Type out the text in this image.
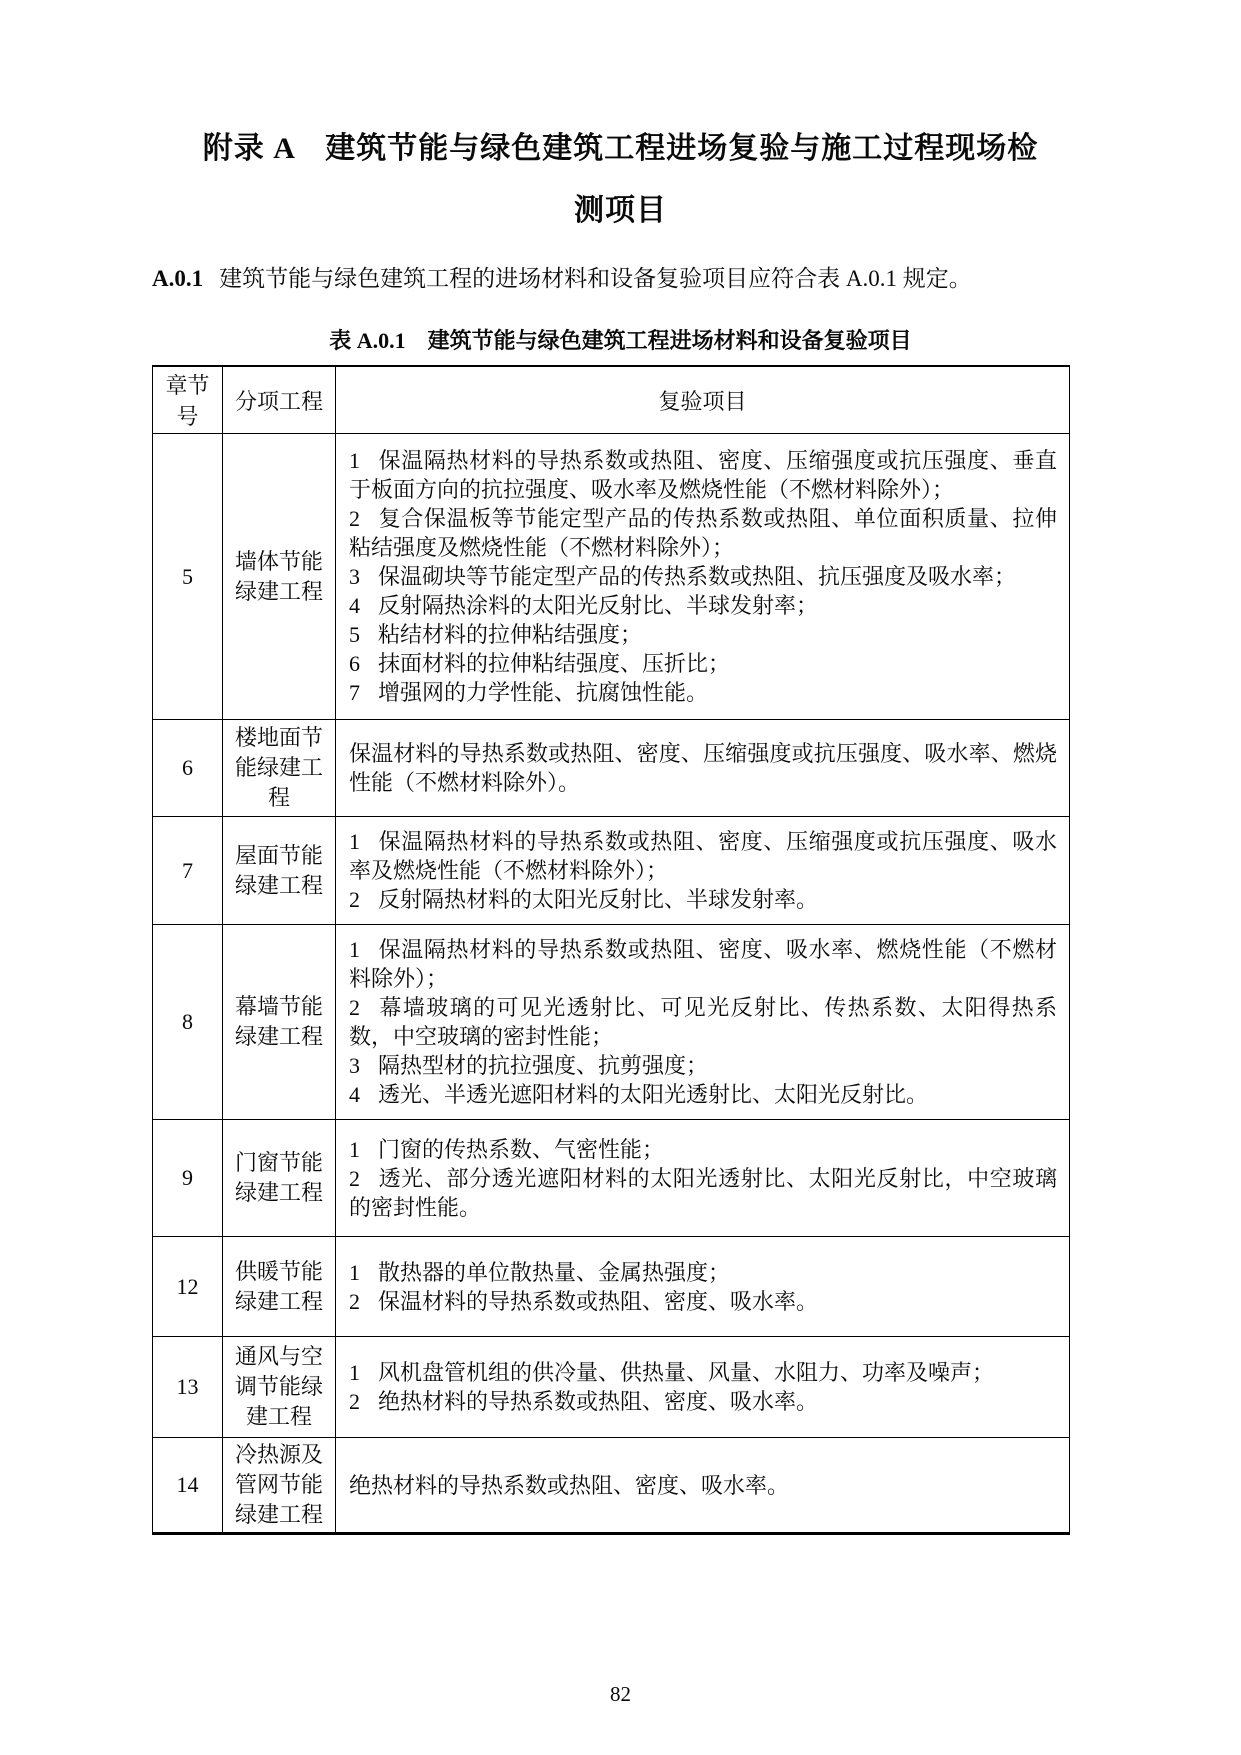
附录 A　建筑节能与绿色建筑工程进场复验与施工过程现场检
测项目

A.0.1 建筑节能与绿色建筑工程的进场材料和设备复验项目应符合表 A.0.1 规定。

表 A.0.1　建筑节能与绿色建筑工程进场材料和设备复验项目
章节号	分项工程	复验项目
5	墙体节能绿建工程	
1 保温隔热材料的导热系数或热阻、密度、压缩强度或抗压强度、垂直于板面方向的抗拉强度、吸水率及燃烧性能（不燃材料除外）；
2 复合保温板等节能定型产品的传热系数或热阻、单位面积质量、拉伸粘结强度及燃烧性能（不燃材料除外）；
3 保温砌块等节能定型产品的传热系数或热阻、抗压强度及吸水率；
4 反射隔热涂料的太阳光反射比、半球发射率；
5 粘结材料的拉伸粘结强度；
6 抹面材料的拉伸粘结强度、压折比；
7 增强网的力学性能、抗腐蚀性能。

6	楼地面节能绿建工程	保温材料的导热系数或热阻、密度、压缩强度或抗压强度、吸水率、燃烧性能（不燃材料除外）。

7	屋面节能绿建工程	1 保温隔热材料的导热系数或热阻、密度、压缩强度或抗压强度、吸水率及燃烧性能（不燃材料除外）；
2 反射隔热材料的太阳光反射比、半球发射率。

8	幕墙节能绿建工程	1 保温隔热材料的导热系数或热阻、密度、吸水率、燃烧性能（不燃材料除外）；
2 幕墙玻璃的可见光透射比、可见光反射比、传热系数、太阳得热系数，中空玻璃的密封性能；
3 隔热型材的抗拉强度、抗剪强度；
4 透光、半透光遮阳材料的太阳光透射比、太阳光反射比。

9	门窗节能绿建工程	1 门窗的传热系数、气密性能；
2 透光、部分透光遮阳材料的太阳光透射比、太阳光反射比，中空玻璃的密封性能。

12	供暖节能绿建工程	1 散热器的单位散热量、金属热强度；
2 保温材料的导热系数或热阻、密度、吸水率。

13	通风与空调节能绿建工程	1 风机盘管机组的供冷量、供热量、风量、水阻力、功率及噪声；
2 绝热材料的导热系数或热阻、密度、吸水率。

14	冷热源及管网节能绿建工程	绝热材料的导热系数或热阻、密度、吸水率。
82
